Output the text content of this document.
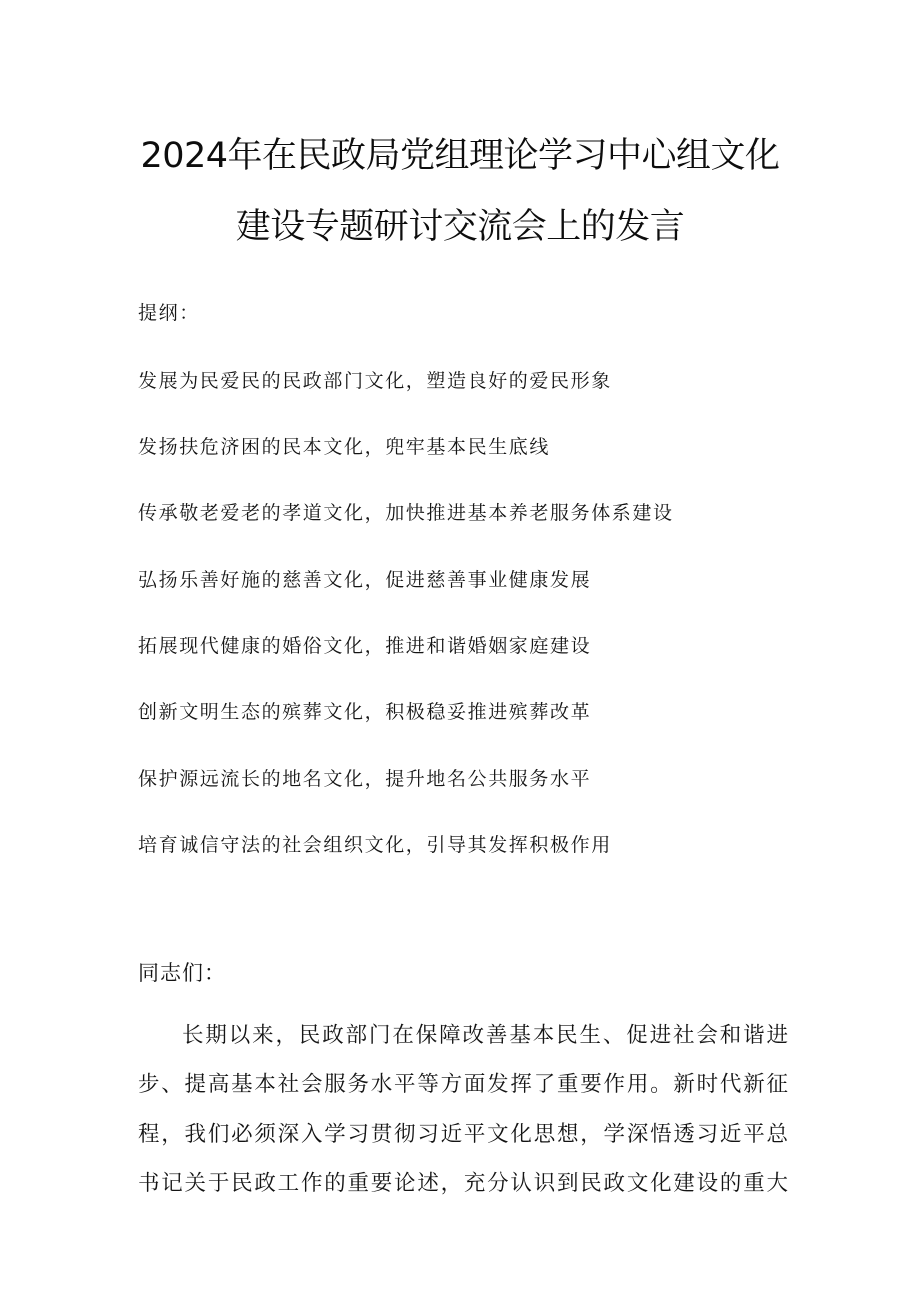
2024年在民政局党组理论学习中心组文化
建设专题研讨交流会上的发言
提纲：
发展为民爱民的民政部门文化，塑造良好的爱民形象
发扬扶危济困的民本文化，兜牢基本民生底线
传承敬老爱老的孝道文化，加快推进基本养老服务体系建设
弘扬乐善好施的慈善文化，促进慈善事业健康发展
拓展现代健康的婚俗文化，推进和谐婚姻家庭建设
创新文明生态的殡葬文化，积极稳妥推进殡葬改革
保护源远流长的地名文化，提升地名公共服务水平
培育诚信守法的社会组织文化，引导其发挥积极作用
同志们：
长期以来，民政部门在保障改善基本民生、促进社会和谐进
步、提高基本社会服务水平等方面发挥了重要作用。新时代新征
程，我们必须深入学习贯彻习近平文化思想，学深悟透习近平总
书记关于民政工作的重要论述，充分认识到民政文化建设的重大
